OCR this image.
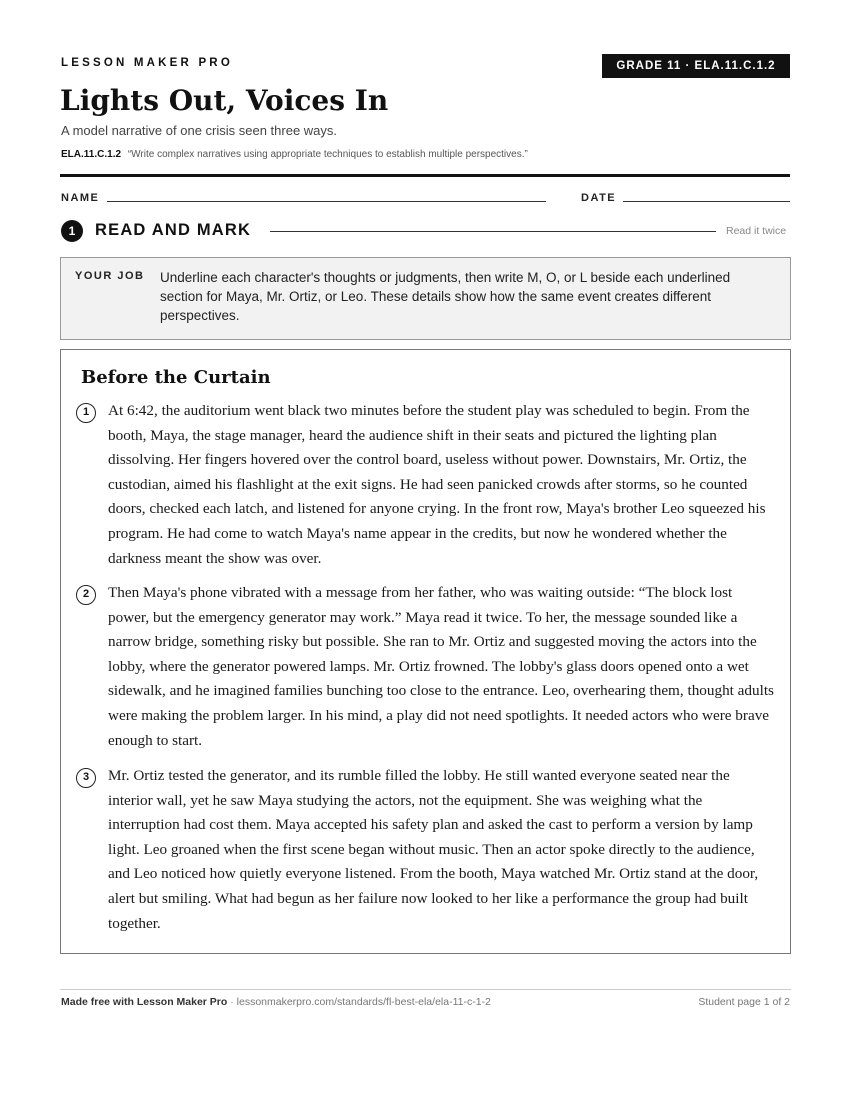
LESSON MAKER PRO	GRADE 11 · ELA.11.C.1.2
Lights Out, Voices In
A model narrative of one crisis seen three ways.
ELA.11.C.1.2 “Write complex narratives using appropriate techniques to establish multiple perspectives.”
NAME	DATE
1	READ AND MARK	Read it twice
YOUR JOB Underline each character's thoughts or judgments, then write M, O, or L beside each underlined section for Maya, Mr. Ortiz, or Leo. These details show how the same event creates different perspectives.
Before the Curtain
1	At 6:42, the auditorium went black two minutes before the student play was scheduled to begin. From the booth, Maya, the stage manager, heard the audience shift in their seats and pictured the lighting plan dissolving. Her fingers hovered over the control board, useless without power. Downstairs, Mr. Ortiz, the custodian, aimed his flashlight at the exit signs. He had seen panicked crowds after storms, so he counted doors, checked each latch, and listened for anyone crying. In the front row, Maya's brother Leo squeezed his program. He had come to watch Maya's name appear in the credits, but now he wondered whether the darkness meant the show was over.

2	Then Maya's phone vibrated with a message from her father, who was waiting outside: “The block lost power, but the emergency generator may work.” Maya read it twice. To her, the message sounded like a narrow bridge, something risky but possible. She ran to Mr. Ortiz and suggested moving the actors into the lobby, where the generator powered lamps. Mr. Ortiz frowned. The lobby's glass doors opened onto a wet sidewalk, and he imagined families bunching too close to the entrance. Leo, overhearing them, thought adults were making the problem larger. In his mind, a play did not need spotlights. It needed actors who were brave enough to start.

3	Mr. Ortiz tested the generator, and its rumble filled the lobby. He still wanted everyone seated near the interior wall, yet he saw Maya studying the actors, not the equipment. She was weighing what the interruption had cost them. Maya accepted his safety plan and asked the cast to perform a version by lamp light. Leo groaned when the first scene began without music. Then an actor spoke directly to the audience, and Leo noticed how quietly everyone listened. From the booth, Maya watched Mr. Ortiz stand at the door, alert but smiling. What had begun as her failure now looked to her like a performance the group had built together.

Made free with Lesson Maker Pro · lessonmakerpro.com/standards/fl-best-ela/ela-11-c-1-2	Student page 1 of 2
